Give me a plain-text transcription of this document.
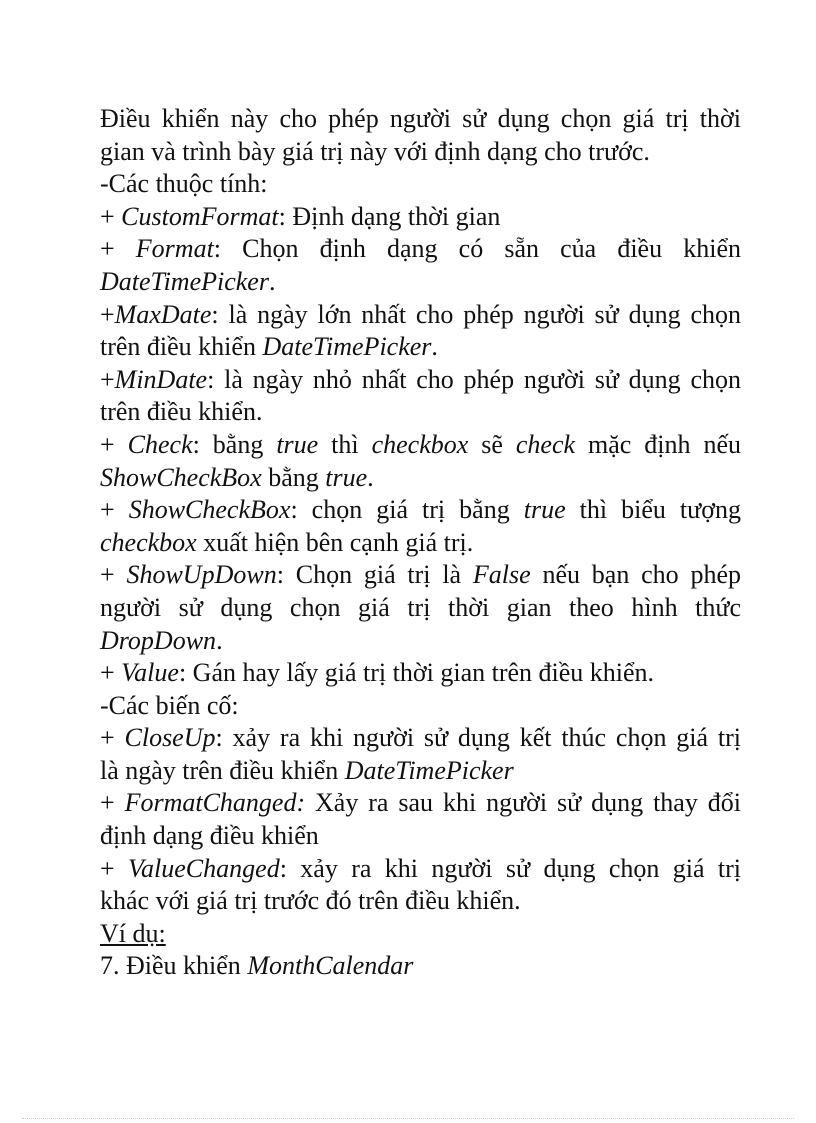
Điều khiển này cho phép người sử dụng chọn giá trị thời
gian và trình bày giá trị này với định dạng cho trước.

-Các thuộc tính:

+ CustomFormat: Định dạng thời gian

+ Format: Chọn định dạng có sẵn của điều khiển
DateTimePicker.

+MaxDate: là ngày lớn nhất cho phép người sử dụng chọn
trên điều khiển DateTimePicker.

+MinDate: là ngày nhỏ nhất cho phép người sử dụng chọn
trên điều khiển.

+ Check: bằng true thì checkbox sẽ check mặc định nếu
ShowCheckBox bằng true.

+ ShowCheckBox: chọn giá trị bằng true thì biểu tượng
checkbox xuất hiện bên cạnh giá trị.

+ ShowUpDown: Chọn giá trị là False nếu bạn cho phép
người sử dụng chọn giá trị thời gian theo hình thức
DropDown.

+ Value: Gán hay lấy giá trị thời gian trên điều khiển.

-Các biến cố:

+ CloseUp: xảy ra khi người sử dụng kết thúc chọn giá trị
là ngày trên điều khiển DateTimePicker

+ FormatChanged: Xảy ra sau khi người sử dụng thay đổi
định dạng điều khiển

+ ValueChanged: xảy ra khi người sử dụng chọn giá trị
khác với giá trị trước đó trên điều khiển.

Ví dụ:

7. Điều khiển MonthCalendar
